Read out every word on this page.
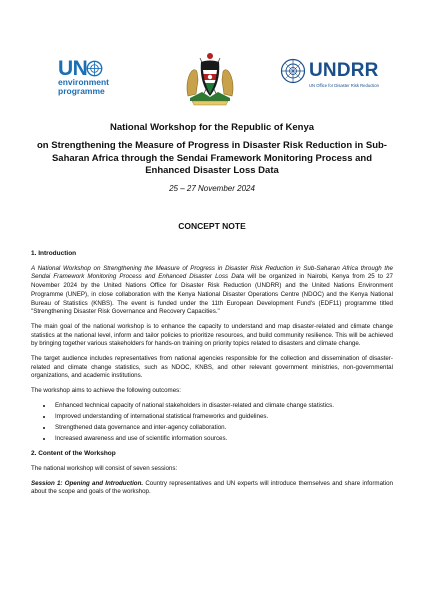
UN
environment
programme
UNDRR
UN Office for Disaster Risk Reduction
National Workshop for the Republic of Kenya
on Strengthening the Measure of Progress in Disaster Risk Reduction in Sub-Saharan Africa through the Sendai Framework Monitoring Process and Enhanced Disaster Loss Data
25 – 27 November 2024
CONCEPT NOTE
1. Introduction

A National Workshop on Strengthening the Measure of Progress in Disaster Risk Reduction in Sub-Saharan Africa through the Sendai Framework Monitoring Process and Enhanced Disaster Loss Data will be organized in Nairobi, Kenya from 25 to 27 November 2024 by the United Nations Office for Disaster Risk Reduction (UNDRR) and the United Nations Environment Programme (UNEP), in close collaboration with the Kenya National Disaster Operations Centre (NDOC) and the Kenya National Bureau of Statistics (KNBS). The event is funded under the 11th European Development Fund's (EDF11) programme titled "Strengthening Disaster Risk Governance and Recovery Capacities."

The main goal of the national workshop is to enhance the capacity to understand and map disaster-related and climate change statistics at the national level, inform and tailor policies to prioritize resources, and build community resilience. This will be achieved by bringing together various stakeholders for hands-on training on priority topics related to disasters and climate change.

The target audience includes representatives from national agencies responsible for the collection and dissemination of disaster-related and climate change statistics, such as NDOC, KNBS, and other relevant government ministries, non-governmental organizations, and academic institutions.

The workshop aims to achieve the following outcomes:

• Enhanced technical capacity of national stakeholders in disaster-related and climate change statistics.
• Improved understanding of international statistical frameworks and guidelines.
• Strengthened data governance and inter-agency collaboration.
• Increased awareness and use of scientific information sources.
2. Content of the Workshop

The national workshop will consist of seven sessions:

Session 1: Opening and Introduction. Country representatives and UN experts will introduce themselves and share information about the scope and goals of the workshop.
